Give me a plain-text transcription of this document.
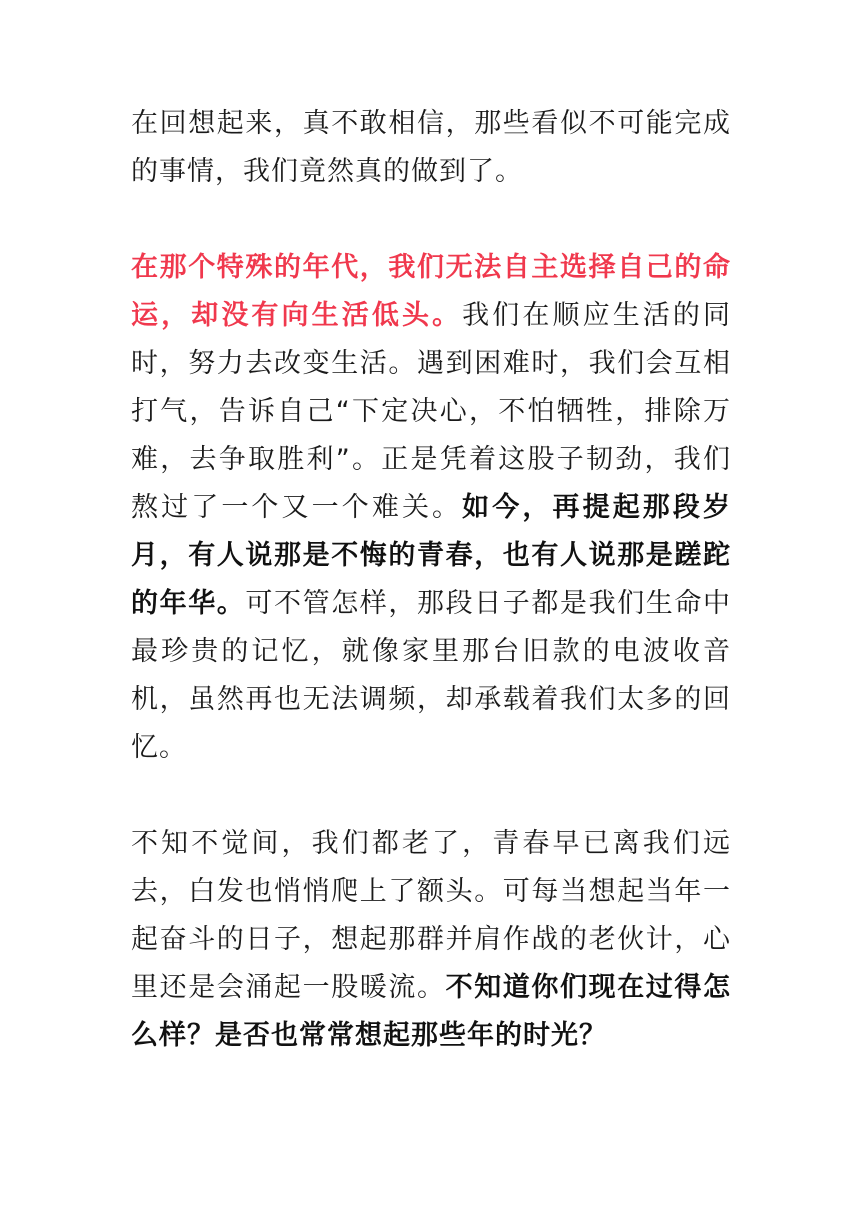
在回想起来，真不敢相信，那些看似不可能完成的事情，我们竟然真的做到了。

在那个特殊的年代，我们无法自主选择自己的命运，却没有向生活低头。我们在顺应生活的同时，努力去改变生活。遇到困难时，我们会互相打气，告诉自己“下定决心，不怕牺牲，排除万难，去争取胜利”。正是凭着这股子韧劲，我们熬过了一个又一个难关。如今，再提起那段岁月，有人说那是不悔的青春，也有人说那是蹉跎的年华。可不管怎样，那段日子都是我们生命中最珍贵的记忆，就像家里那台旧款的电波收音机，虽然再也无法调频，却承载着我们太多的回忆。

不知不觉间，我们都老了，青春早已离我们远去，白发也悄悄爬上了额头。可每当想起当年一起奋斗的日子，想起那群并肩作战的老伙计，心里还是会涌起一股暖流。不知道你们现在过得怎么样？是否也常常想起那些年的时光？
